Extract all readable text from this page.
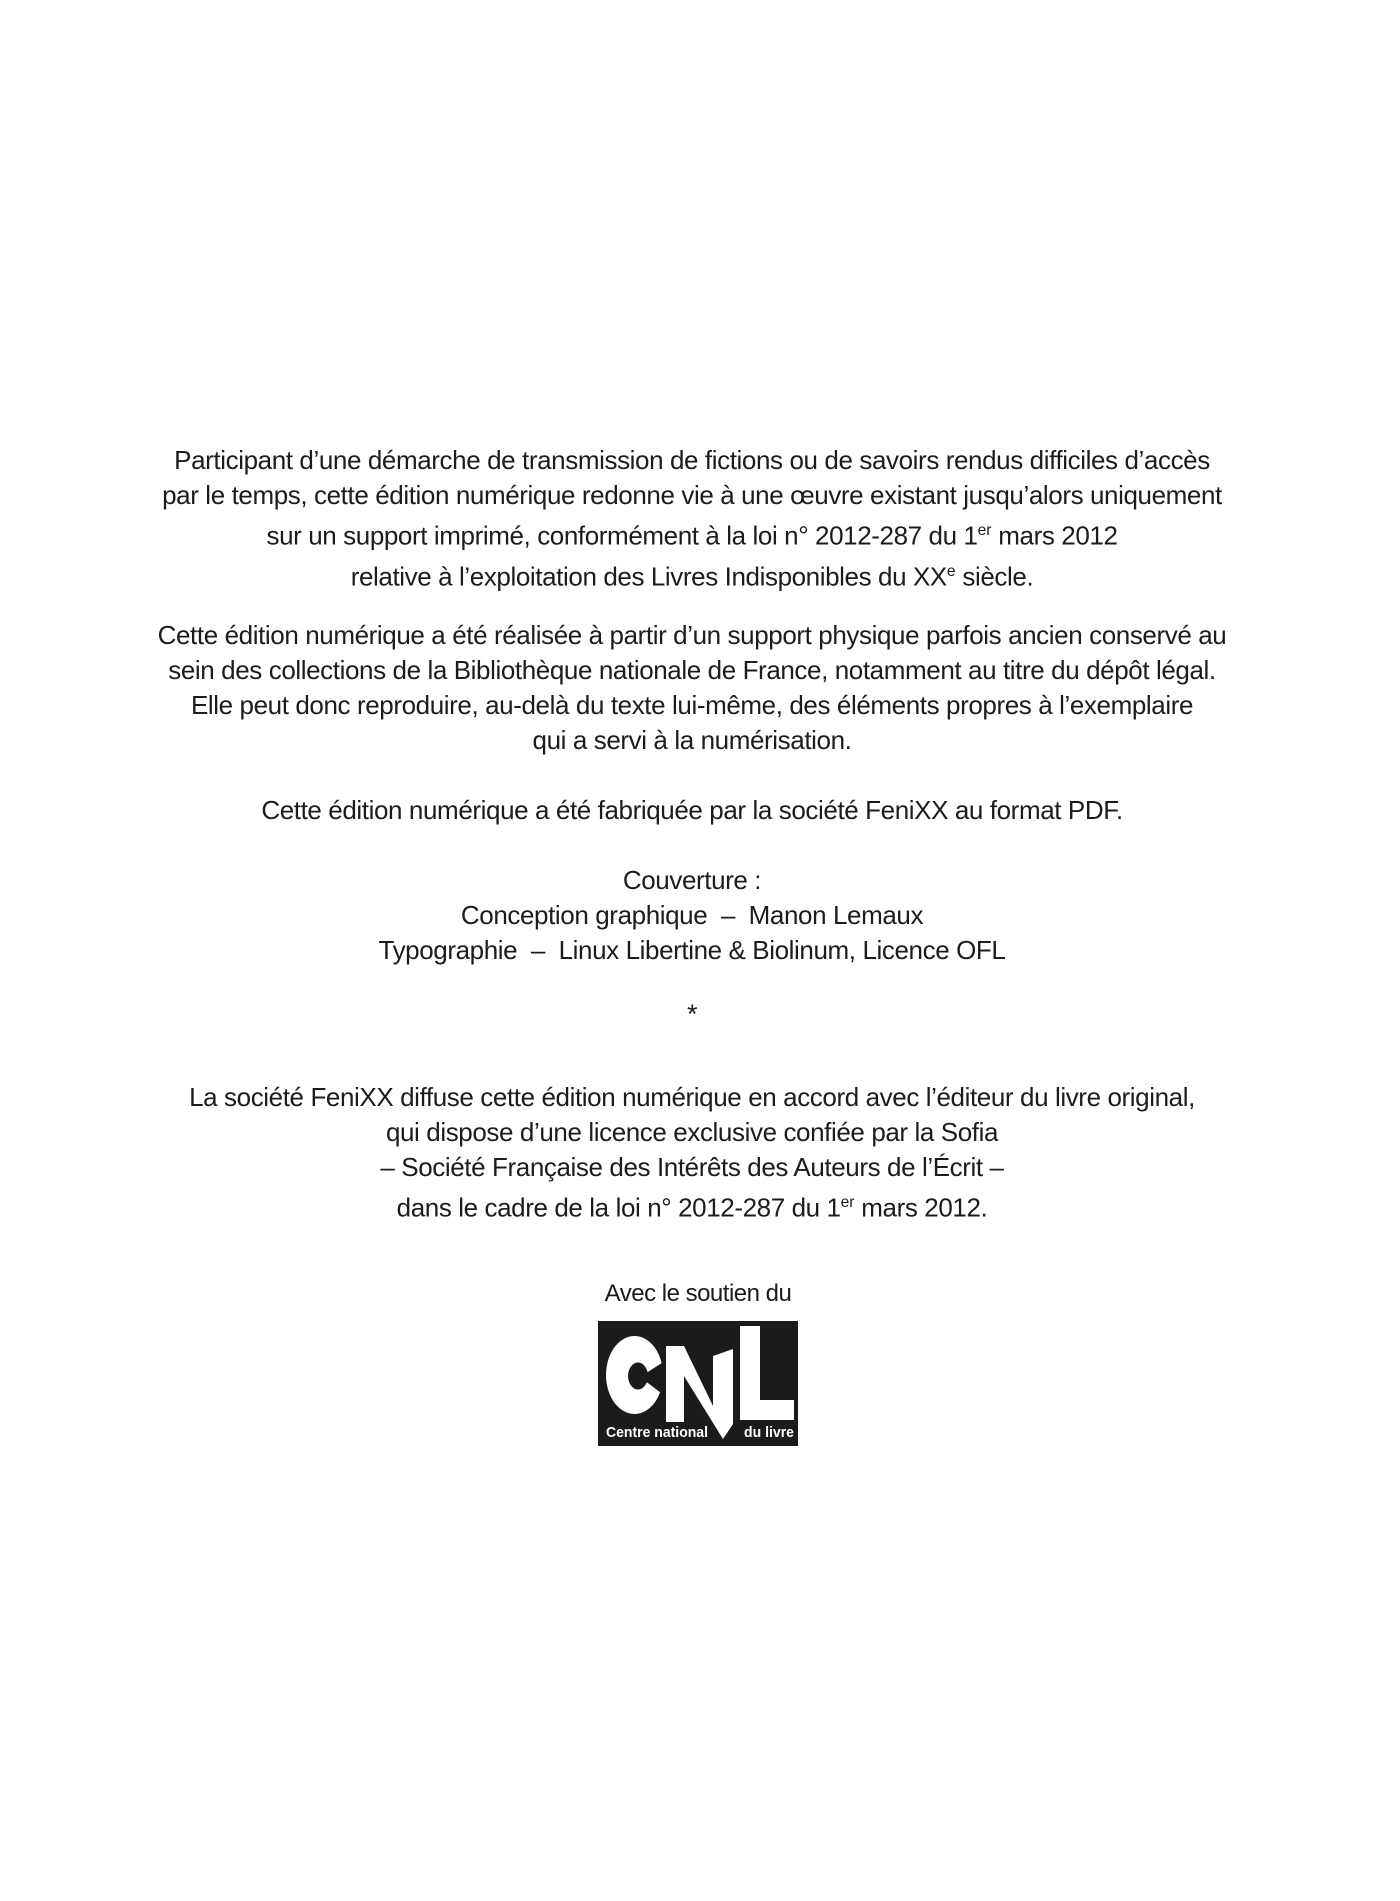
Participant d’une démarche de transmission de fictions ou de savoirs rendus difficiles d’accès
par le temps, cette édition numérique redonne vie à une œuvre existant jusqu’alors uniquement
sur un support imprimé, conformément à la loi n° 2012-287 du 1er mars 2012
relative à l’exploitation des Livres Indisponibles du XXe siècle.
Cette édition numérique a été réalisée à partir d’un support physique parfois ancien conservé au
sein des collections de la Bibliothèque nationale de France, notamment au titre du dépôt légal.
Elle peut donc reproduire, au-delà du texte lui-même, des éléments propres à l’exemplaire
qui a servi à la numérisation.
Cette édition numérique a été fabriquée par la société FeniXX au format PDF.
Couverture :
Conception graphique  –  Manon Lemaux
Typographie  –  Linux Libertine & Biolinum, Licence OFL
*
La société FeniXX diffuse cette édition numérique en accord avec l’éditeur du livre original,
qui dispose d’une licence exclusive confiée par la Sofia
– Société Française des Intérêts des Auteurs de l’Écrit –
dans le cadre de la loi n° 2012-287 du 1er mars 2012.
Avec le soutien du
Centre national du livre
